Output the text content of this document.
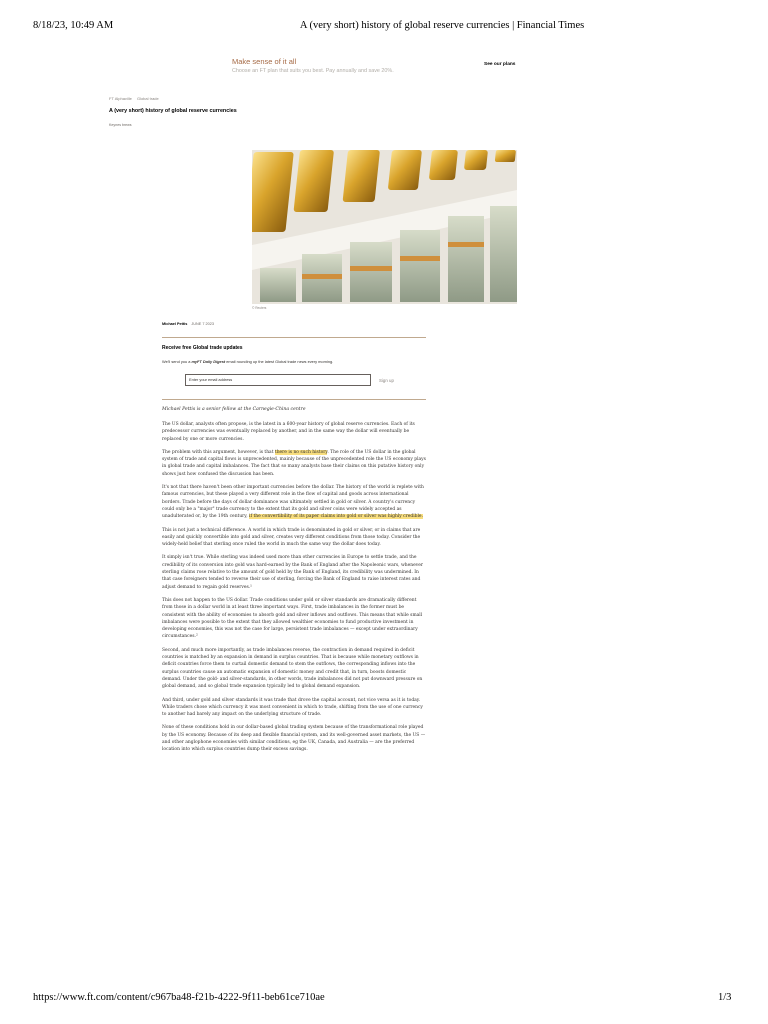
8/18/23, 10:49 AM	A (very short) history of global reserve currencies | Financial Times
Make sense of it all
Choose an FT plan that suits you best. Pay annually and save 20%.
See our plans
FT Alphaville Global trade
A (very short) history of global reserve currencies
Keynes brews
© Reuters
Michael Pettis JUNE 7 2023
Receive free Global trade updates
We'll send you a myFT Daily Digest email rounding up the latest Global trade news every morning.
Enter your email address	Sign up
Michael Pettis is a senior fellow at the Carnegie-China centre

The US dollar, analysts often propose, is the latest in a 600-year history of global reserve currencies. Each of its predecessor currencies was eventually replaced by another, and in the same way the dollar will eventually be replaced by one or more currencies.

The problem with this argument, however, is that there is no such history. The role of the US dollar in the global system of trade and capital flows is unprecedented, mainly because of the unprecedented role the US economy plays in global trade and capital imbalances. The fact that so many analysts base their claims on this putative history only shows just how confused the discussion has been.

It's not that there haven't been other important currencies before the dollar. The history of the world is replete with famous currencies, but these played a very different role in the flow of capital and goods across international borders. Trade before the days of dollar dominance was ultimately settled in gold or silver. A country's currency could only be a "major" trade currency to the extent that its gold and silver coins were widely accepted as unadulterated or, by the 19th century, if the convertibility of its paper claims into gold or silver was highly credible.

This is not just a technical difference. A world in which trade is denominated in gold or silver, or in claims that are easily and quickly convertible into gold and silver, creates very different conditions from those today. Consider the widely-held belief that sterling once ruled the world in much the same way the dollar does today.

It simply isn't true. While sterling was indeed used more than other currencies in Europe to settle trade, and the credibility of its conversion into gold was hard-earned by the Bank of England after the Napoleonic wars, whenever sterling claims rose relative to the amount of gold held by the Bank of England, its credibility was undermined. In that case foreigners tended to reverse their use of sterling, forcing the Bank of England to raise interest rates and adjust demand to regain gold reserves.¹

This does not happen to the US dollar. Trade conditions under gold or silver standards are dramatically different from those in a dollar world in at least three important ways. First, trade imbalances in the former must be consistent with the ability of economies to absorb gold and silver inflows and outflows. This means that while small imbalances were possible to the extent that they allowed wealthier economies to fund productive investment in developing economies, this was not the case for large, persistent trade imbalances — except under extraordinary circumstances.²

Second, and much more importantly, as trade imbalances reverse, the contraction in demand required in deficit countries is matched by an expansion in demand in surplus countries. That is because while monetary outflows in deficit countries force them to curtail domestic demand to stem the outflows, the corresponding inflows into the surplus countries cause an automatic expansion of domestic money and credit that, in turn, boosts domestic demand. Under the gold- and silver-standards, in other words, trade imbalances did not put downward pressure on global demand, and so global trade expansion typically led to global demand expansion.

And third, under gold and silver standards it was trade that drove the capital account, not vice versa as it is today. While traders chose which currency it was most convenient in which to trade, shifting from the use of one currency to another had barely any impact on the underlying structure of trade.

None of these conditions hold in our dollar-based global trading system because of the transformational role played by the US economy. Because of its deep and flexible financial system, and its well-governed asset markets, the US — and other anglophone economies with similar conditions, eg the UK, Canada, and Australia — are the preferred location into which surplus countries dump their excess savings.

https://www.ft.com/content/c967ba48-f21b-4222-9f11-beb61ce710ae	1/3
